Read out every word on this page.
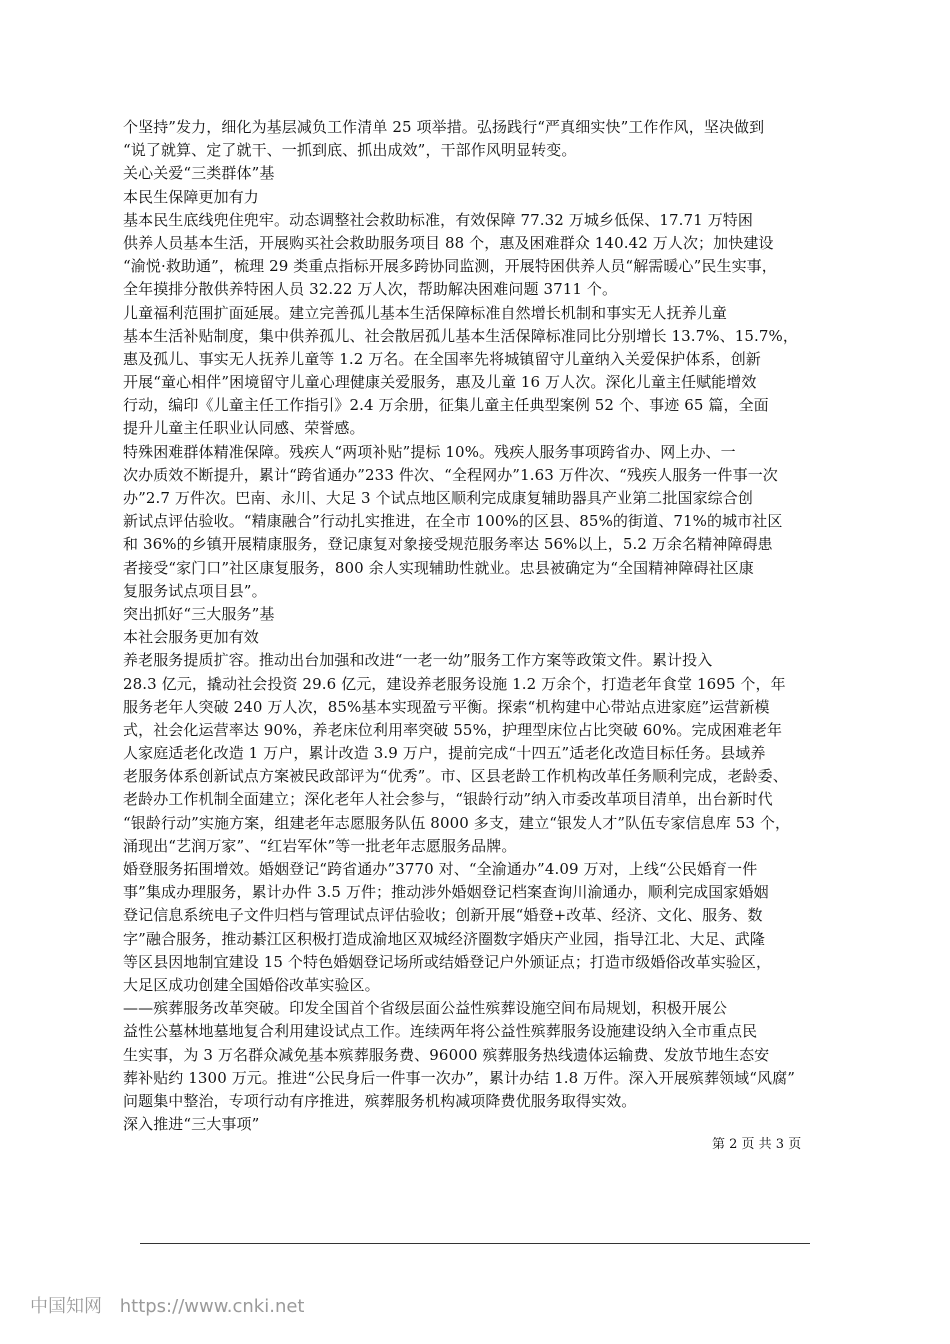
个坚持”发力，细化为基层减负工作清单 25 项举措。弘扬践行“严真细实快”工作作风，坚决做到
“说了就算、定了就干、一抓到底、抓出成效”，干部作风明显转变。
关心关爱“三类群体”基
本民生保障更加有力
基本民生底线兜住兜牢。动态调整社会救助标准，有效保障 77.32 万城乡低保、17.71 万特困
供养人员基本生活，开展购买社会救助服务项目 88 个，惠及困难群众 140.42 万人次；加快建设
“渝悦·救助通”，梳理 29 类重点指标开展多跨协同监测，开展特困供养人员“解需暖心”民生实事，
全年摸排分散供养特困人员 32.22 万人次，帮助解决困难问题 3711 个。
儿童福利范围扩面延展。建立完善孤儿基本生活保障标准自然增长机制和事实无人抚养儿童
基本生活补贴制度，集中供养孤儿、社会散居孤儿基本生活保障标准同比分别增长 13.7%、15.7%，
惠及孤儿、事实无人抚养儿童等 1.2 万名。在全国率先将城镇留守儿童纳入关爱保护体系，创新
开展“童心相伴”困境留守儿童心理健康关爱服务，惠及儿童 16 万人次。深化儿童主任赋能增效
行动，编印《儿童主任工作指引》2.4 万余册，征集儿童主任典型案例 52 个、事迹 65 篇，全面
提升儿童主任职业认同感、荣誉感。
特殊困难群体精准保障。残疾人“两项补贴”提标 10%。残疾人服务事项跨省办、网上办、一
次办质效不断提升，累计“跨省通办”233 件次、“全程网办”1.63 万件次、“残疾人服务一件事一次
办”2.7 万件次。巴南、永川、大足 3 个试点地区顺利完成康复辅助器具产业第二批国家综合创
新试点评估验收。“精康融合”行动扎实推进，在全市 100%的区县、85%的街道、71%的城市社区
和 36%的乡镇开展精康服务，登记康复对象接受规范服务率达 56%以上，5.2 万余名精神障碍患
者接受“家门口”社区康复服务，800 余人实现辅助性就业。忠县被确定为“全国精神障碍社区康
复服务试点项目县”。
突出抓好“三大服务”基
本社会服务更加有效
养老服务提质扩容。推动出台加强和改进“一老一幼”服务工作方案等政策文件。累计投入
28.3 亿元，撬动社会投资 29.6 亿元，建设养老服务设施 1.2 万余个，打造老年食堂 1695 个，年
服务老年人突破 240 万人次，85%基本实现盈亏平衡。探索“机构建中心带站点进家庭”运营新模
式，社会化运营率达 90%，养老床位利用率突破 55%，护理型床位占比突破 60%。完成困难老年
人家庭适老化改造 1 万户，累计改造 3.9 万户，提前完成“十四五”适老化改造目标任务。县域养
老服务体系创新试点方案被民政部评为“优秀”。市、区县老龄工作机构改革任务顺利完成，老龄委、
老龄办工作机制全面建立；深化老年人社会参与，“银龄行动”纳入市委改革项目清单，出台新时代
“银龄行动”实施方案，组建老年志愿服务队伍 8000 多支，建立“银发人才”队伍专家信息库 53 个，
涌现出“艺润万家”、“红岩军休”等一批老年志愿服务品牌。
婚登服务拓围增效。婚姻登记“跨省通办”3770 对、“全渝通办”4.09 万对，上线“公民婚育一件
事”集成办理服务，累计办件 3.5 万件；推动涉外婚姻登记档案查询川渝通办，顺利完成国家婚姻
登记信息系统电子文件归档与管理试点评估验收；创新开展“婚登+改革、经济、文化、服务、数
字”融合服务，推动綦江区积极打造成渝地区双城经济圈数字婚庆产业园，指导江北、大足、武隆
等区县因地制宜建设 15 个特色婚姻登记场所或结婚登记户外颁证点；打造市级婚俗改革实验区，
大足区成功创建全国婚俗改革实验区。
——殡葬服务改革突破。印发全国首个省级层面公益性殡葬设施空间布局规划，积极开展公
益性公墓林地墓地复合利用建设试点工作。连续两年将公益性殡葬服务设施建设纳入全市重点民
生实事，为 3 万名群众减免基本殡葬服务费、96000 殡葬服务热线遗体运输费、发放节地生态安
葬补贴约 1300 万元。推进“公民身后一件事一次办”，累计办结 1.8 万件。深入开展殡葬领域“风腐”
问题集中整治，专项行动有序推进，殡葬服务机构减项降费优服务取得实效。
深入推进“三大事项”
第 2 页 共 3 页
中国知网 https://www.cnki.net
